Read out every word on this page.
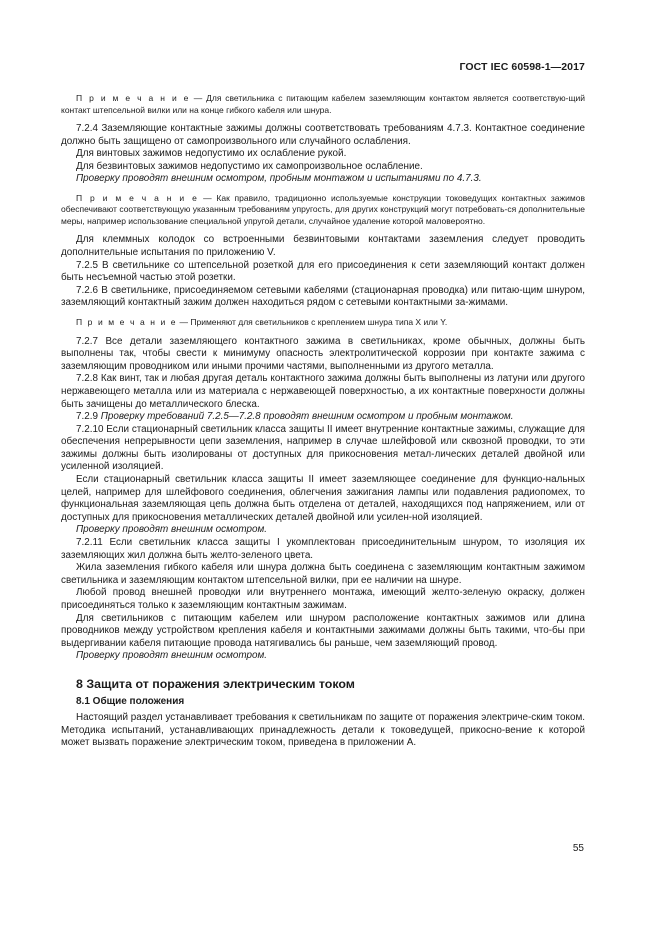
ГОСТ IEC 60598-1—2017

П р и м е ч а н и е — Для светильника с питающим кабелем заземляющим контактом является соответствую-щий контакт штепсельной вилки или на конце гибкого кабеля или шнура.

7.2.4 Заземляющие контактные зажимы должны соответствовать требованиям 4.7.3. Контактное соединение должно быть защищено от самопроизвольного или случайного ослабления.

Для винтовых зажимов недопустимо их ослабление рукой.

Для безвинтовых зажимов недопустимо их самопроизвольное ослабление.

Проверку проводят внешним осмотром, пробным монтажом и испытаниями по 4.7.3.

П р и м е ч а н и е — Как правило, традиционно используемые конструкции токоведущих контактных зажимов обеспечивают соответствующую указанным требованиям упругость, для других конструкций могут потребовать-ся дополнительные меры, например использование специальной упругой детали, случайное удаление которой маловероятно.

Для клеммных колодок со встроенными безвинтовыми контактами заземления следует проводить дополнительные испытания по приложению V.

7.2.5 В светильнике со штепсельной розеткой для его присоединения к сети заземляющий контакт должен быть несъемной частью этой розетки.

7.2.6 В светильнике, присоединяемом сетевыми кабелями (стационарная проводка) или питаю-щим шнуром, заземляющий контактный зажим должен находиться рядом с сетевыми контактными за-жимами.

П р и м е ч а н и е — Применяют для светильников с креплением шнура типа X или Y.

7.2.7 Все детали заземляющего контактного зажима в светильниках, кроме обычных, должны быть выполнены так, чтобы свести к минимуму опасность электролитической коррозии при контакте зажима с заземляющим проводником или иными прочими частями, выполненными из другого металла.

7.2.8 Как винт, так и любая другая деталь контактного зажима должны быть выполнены из латуни или другого нержавеющего металла или из материала с нержавеющей поверхностью, а их контактные поверхности должны быть зачищены до металлического блеска.

7.2.9 Проверку требований 7.2.5—7.2.8 проводят внешним осмотром и пробным монтажом.

7.2.10 Если стационарный светильник класса защиты II имеет внутренние контактные зажимы, служащие для обеспечения непрерывности цепи заземления, например в случае шлейфовой или сквозной проводки, то эти зажимы должны быть изолированы от доступных для прикосновения метал-лических деталей двойной или усиленной изоляцией.

Если стационарный светильник класса защиты II имеет заземляющее соединение для функцио-нальных целей, например для шлейфового соединения, облегчения зажигания лампы или подавления радиопомех, то функциональная заземляющая цепь должна быть отделена от деталей, находящихся под напряжением, или от доступных для прикосновения металлических деталей двойной или усилен-ной изоляцией.

Проверку проводят внешним осмотром.

7.2.11 Если светильник класса защиты I укомплектован присоединительным шнуром, то изоляция их заземляющих жил должна быть желто-зеленого цвета.

Жила заземления гибкого кабеля или шнура должна быть соединена с заземляющим контактным зажимом светильника и заземляющим контактом штепсельной вилки, при ее наличии на шнуре.

Любой провод внешней проводки или внутреннего монтажа, имеющий желто-зеленую окраску, должен присоединяться только к заземляющим контактным зажимам.

Для светильников с питающим кабелем или шнуром расположение контактных зажимов или длина проводников между устройством крепления кабеля и контактными зажимами должны быть такими, что-бы при выдергивании кабеля питающие провода натягивались бы раньше, чем заземляющий провод.

Проверку проводят внешним осмотром.

8 Защита от поражения электрическим током

8.1 Общие положения

Настоящий раздел устанавливает требования к светильникам по защите от поражения электриче-ским током. Методика испытаний, устанавливающих принадлежность детали к токоведущей, прикосно-вение к которой может вызвать поражение электрическим током, приведена в приложении А.

55
